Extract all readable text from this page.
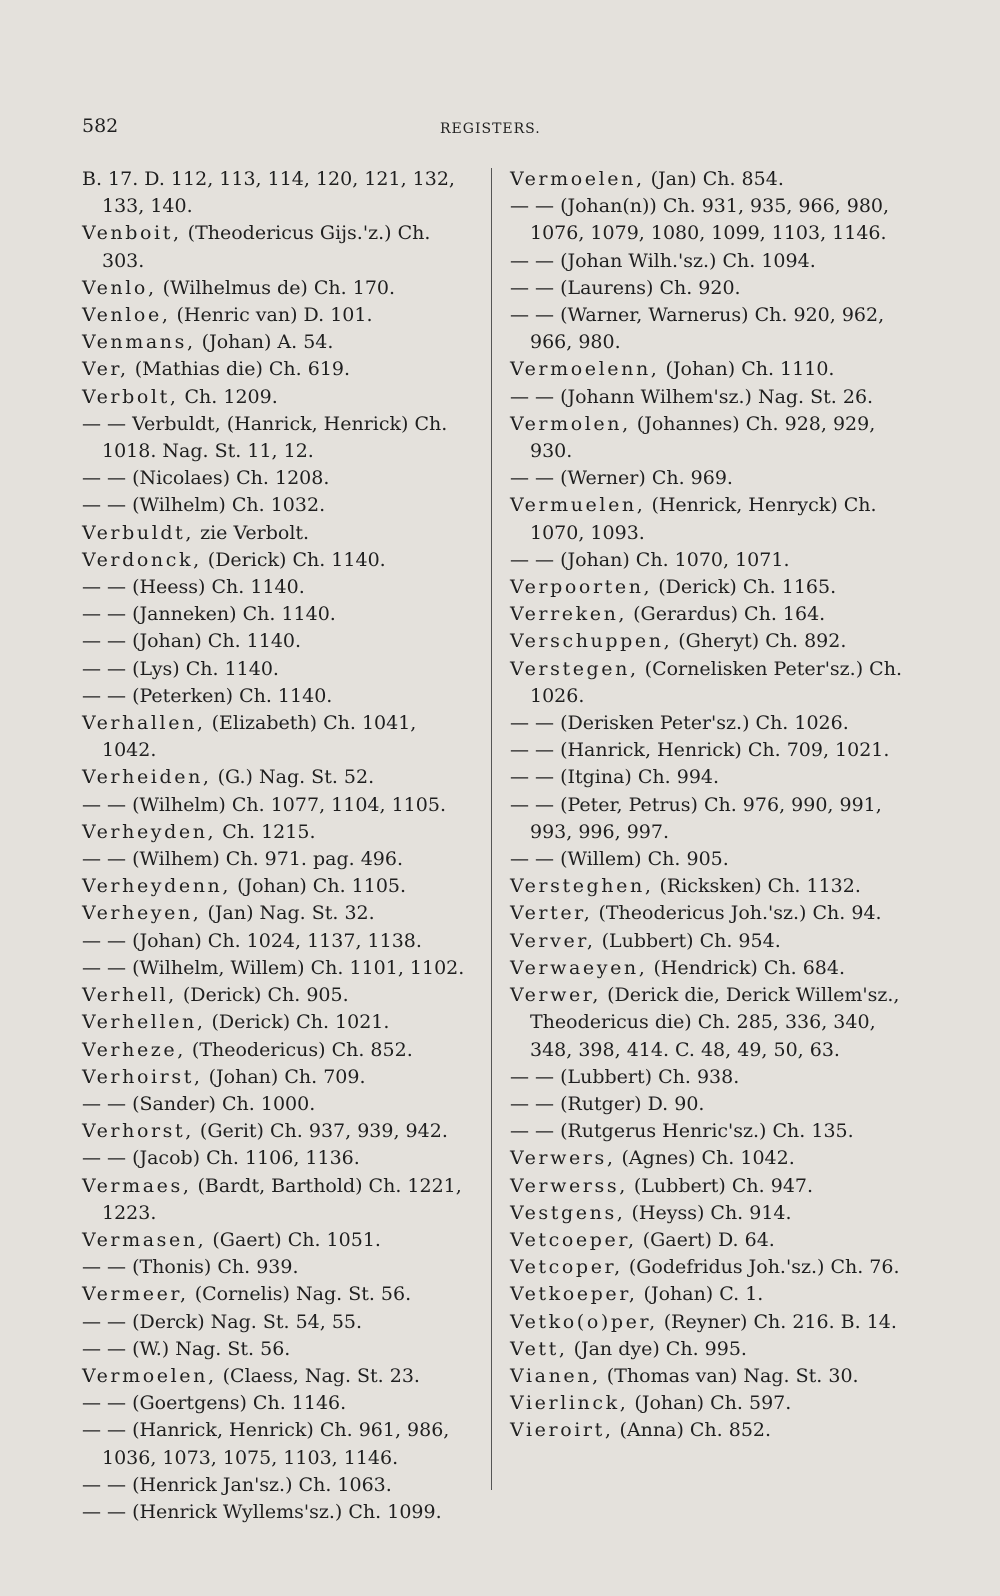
582	REGISTERS.
B. 17. D. 112, 113, 114, 120, 121, 132, 133, 140.
Venboit, (Theodericus Gijs.'z.) Ch. 303.
Venlo, (Wilhelmus de) Ch. 170.
Venloe, (Henric van) D. 101.
Venmans, (Johan) A. 54.
Ver, (Mathias die) Ch. 619.
Verbolt, Ch. 1209.
— — Verbuldt, (Hanrick, Henrick) Ch. 1018. Nag. St. 11, 12.
— — (Nicolaes) Ch. 1208.
— — (Wilhelm) Ch. 1032.
Verbuldt, zie Verbolt.
Verdonck, (Derick) Ch. 1140.
— — (Heess) Ch. 1140.
— — (Janneken) Ch. 1140.
— — (Johan) Ch. 1140.
— — (Lys) Ch. 1140.
— — (Peterken) Ch. 1140.
Verhallen, (Elizabeth) Ch. 1041, 1042.
Verheiden, (G.) Nag. St. 52.
— — (Wilhelm) Ch. 1077, 1104, 1105.
Verheyden, Ch. 1215.
— — (Wilhem) Ch. 971. pag. 496.
Verheydenn, (Johan) Ch. 1105.
Verheyen, (Jan) Nag. St. 32.
— — (Johan) Ch. 1024, 1137, 1138.
— — (Wilhelm, Willem) Ch. 1101, 1102.
Verhell, (Derick) Ch. 905.
Verhellen, (Derick) Ch. 1021.
Verheze, (Theodericus) Ch. 852.
Verhoirst, (Johan) Ch. 709.
— — (Sander) Ch. 1000.
Verhorst, (Gerit) Ch. 937, 939, 942.
— — (Jacob) Ch. 1106, 1136.
Vermaes, (Bardt, Barthold) Ch. 1221, 1223.
Vermasen, (Gaert) Ch. 1051.
— — (Thonis) Ch. 939.
Vermeer, (Cornelis) Nag. St. 56.
— — (Derck) Nag. St. 54, 55.
— — (W.) Nag. St. 56.
Vermoelen, (Claess, Nag. St. 23.
— — (Goertgens) Ch. 1146.
— — (Hanrick, Henrick) Ch. 961, 986, 1036, 1073, 1075, 1103, 1146.
— — (Henrick Jan'sz.) Ch. 1063.
— — (Henrick Wyllems'sz.) Ch. 1099.
Vermoelen, (Jan) Ch. 854.
— — (Johan(n)) Ch. 931, 935, 966, 980, 1076, 1079, 1080, 1099, 1103, 1146.
— — (Johan Wilh.'sz.) Ch. 1094.
— — (Laurens) Ch. 920.
— — (Warner, Warnerus) Ch. 920, 962, 966, 980.
Vermoelenn, (Johan) Ch. 1110.
— — (Johann Wilhem'sz.) Nag. St. 26.
Vermolen, (Johannes) Ch. 928, 929, 930.
— — (Werner) Ch. 969.
Vermuelen, (Henrick, Henryck) Ch. 1070, 1093.
— — (Johan) Ch. 1070, 1071.
Verpoorten, (Derick) Ch. 1165.
Verreken, (Gerardus) Ch. 164.
Verschuppen, (Gheryt) Ch. 892.
Verstegen, (Cornelisken Peter'sz.) Ch. 1026.
— — (Derisken Peter'sz.) Ch. 1026.
— — (Hanrick, Henrick) Ch. 709, 1021.
— — (Itgina) Ch. 994.
— — (Peter, Petrus) Ch. 976, 990, 991, 993, 996, 997.
— — (Willem) Ch. 905.
Versteghen, (Ricksken) Ch. 1132.
Verter, (Theodericus Joh.'sz.) Ch. 94.
Verver, (Lubbert) Ch. 954.
Verwaeyen, (Hendrick) Ch. 684.
Verwer, (Derick die, Derick Willem'sz., Theodericus die) Ch. 285, 336, 340, 348, 398, 414. C. 48, 49, 50, 63.
— — (Lubbert) Ch. 938.
— — (Rutger) D. 90.
— — (Rutgerus Henric'sz.) Ch. 135.
Verwers, (Agnes) Ch. 1042.
Verwerss, (Lubbert) Ch. 947.
Vestgens, (Heyss) Ch. 914.
Vetcoeper, (Gaert) D. 64.
Vetcoper, (Godefridus Joh.'sz.) Ch. 76.
Vetkoeper, (Johan) C. 1.
Vetko(o)per, (Reyner) Ch. 216. B. 14.
Vett, (Jan dye) Ch. 995.
Vianen, (Thomas van) Nag. St. 30.
Vierlinck, (Johan) Ch. 597.
Vieroirt, (Anna) Ch. 852.
